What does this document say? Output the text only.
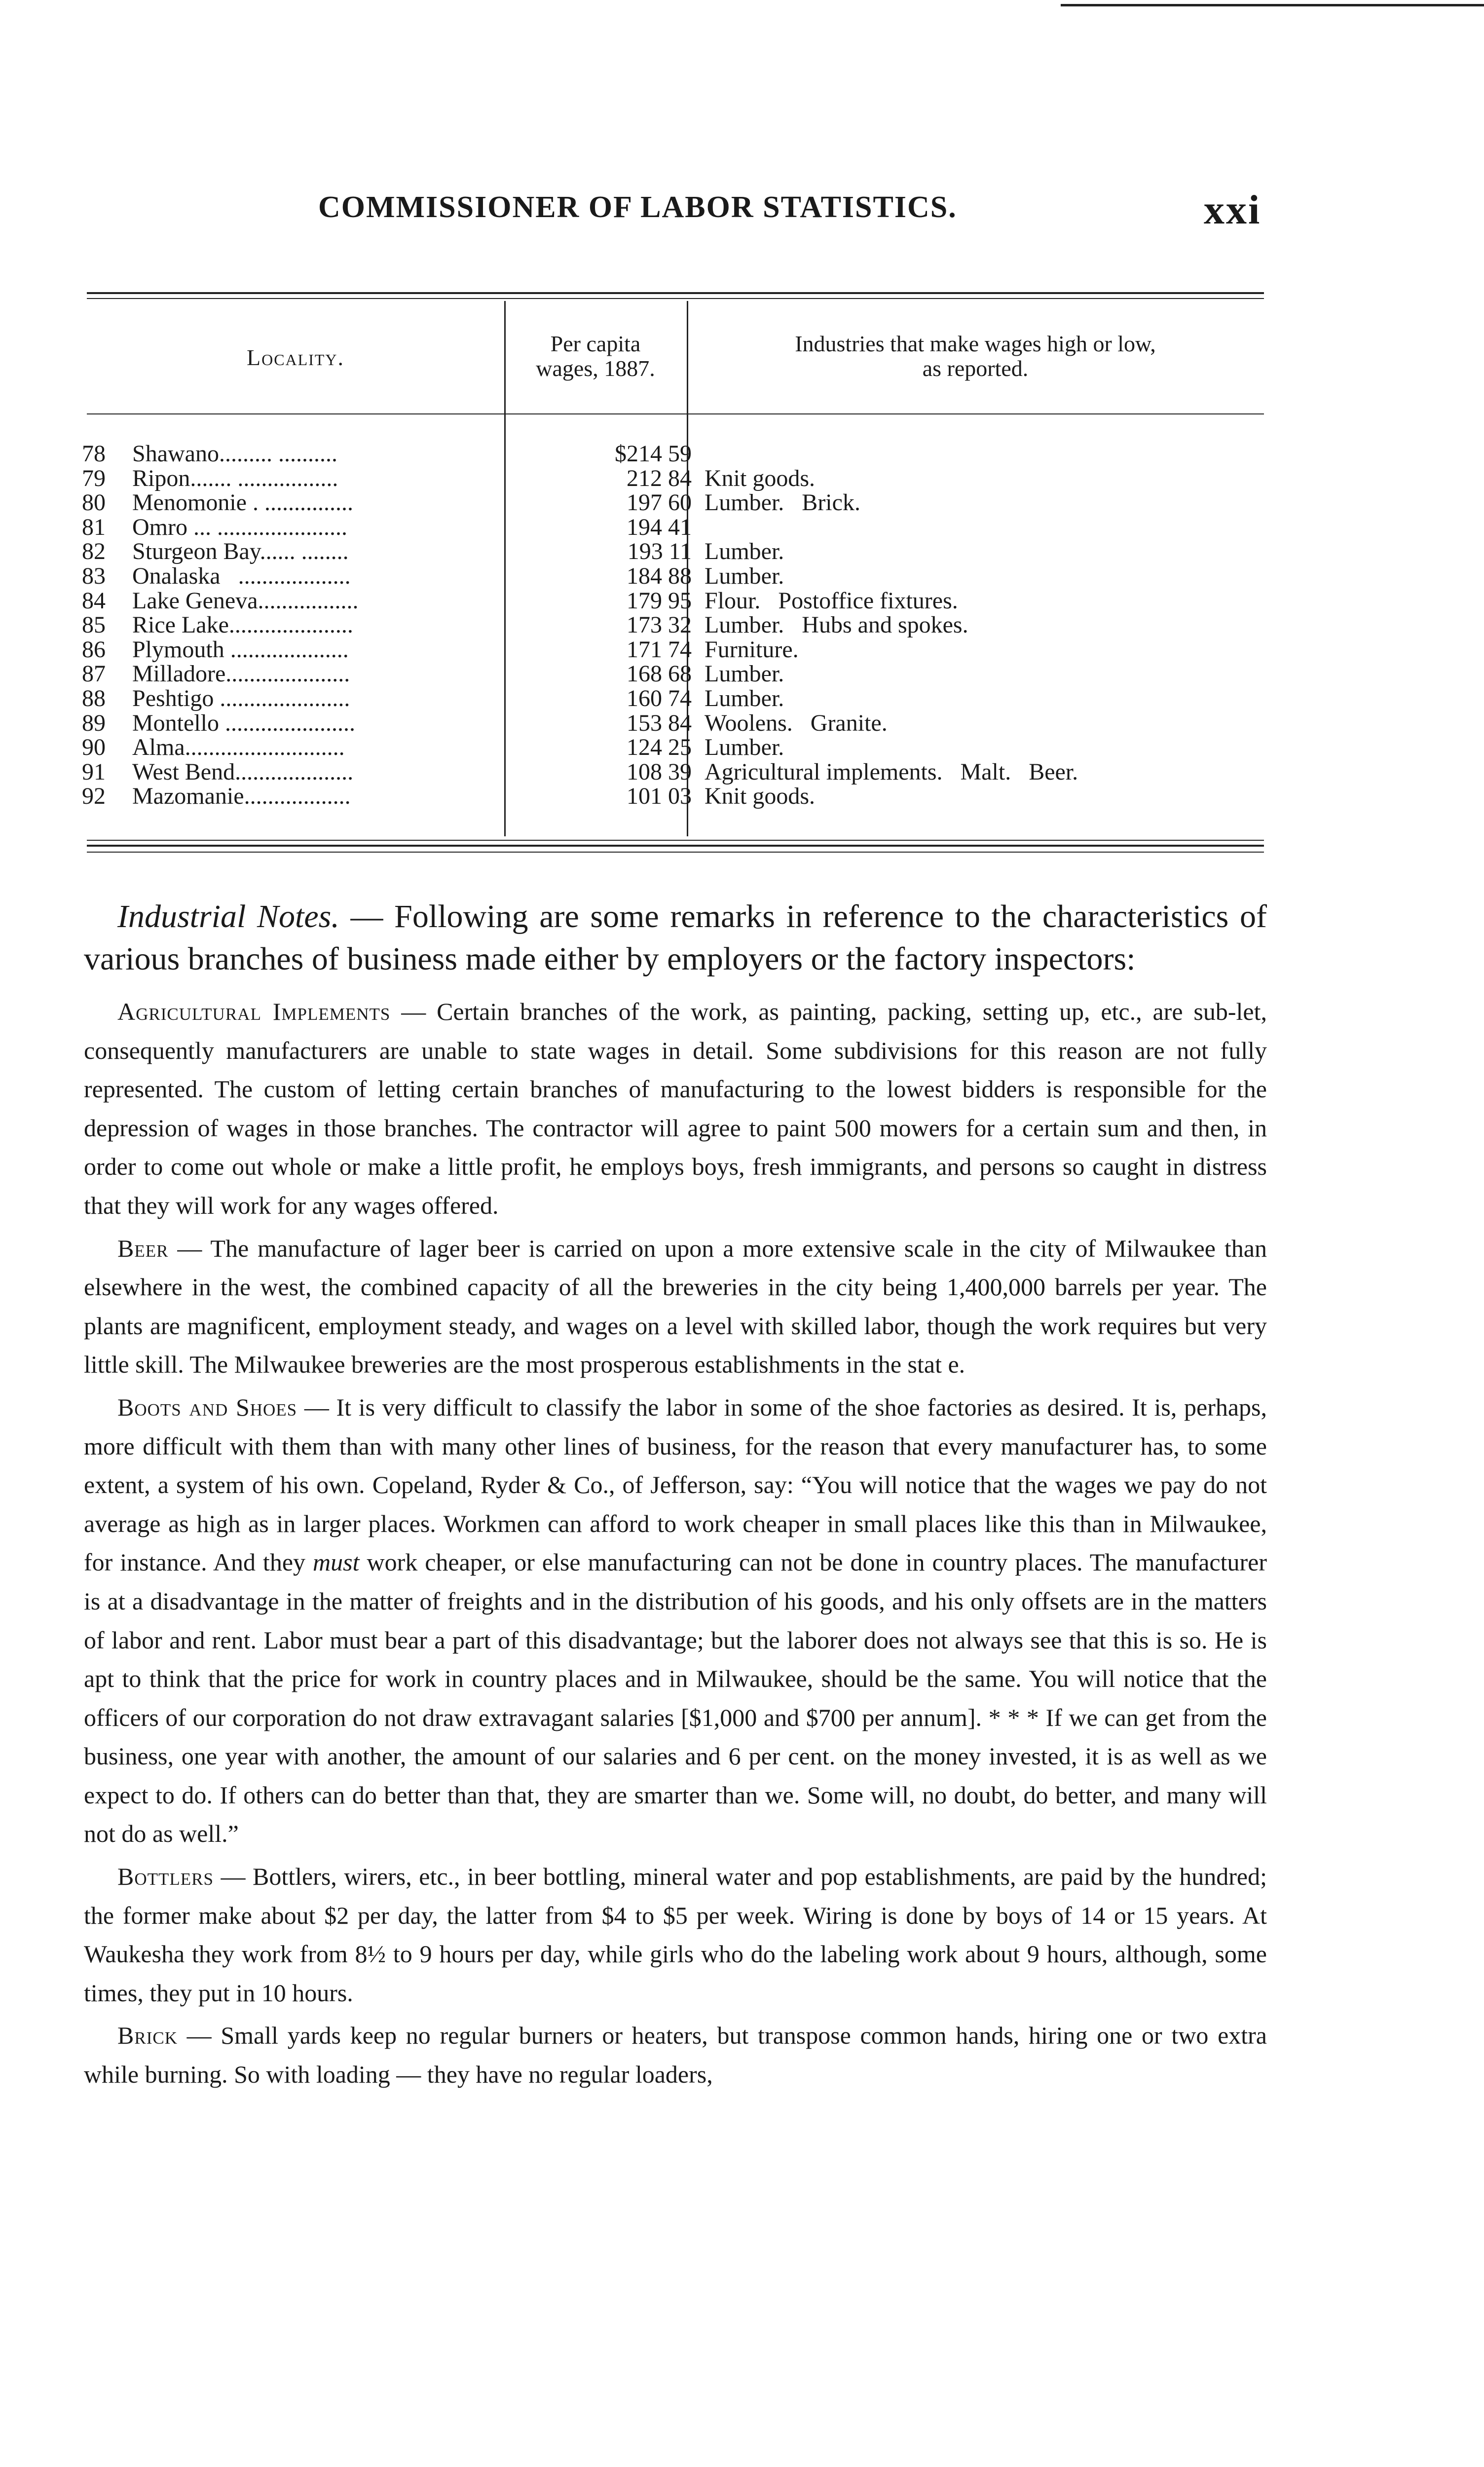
COMMISSIONER OF LABOR STATISTICS.	xxi
Locality.
Per capita
wages, 1887.
Industries that make wages high or low,
as reported.
78 Shawano......... ..........	$214 59
79 Ripon....... .................	212 84 Knit goods.
80 Menomonie . ...............	197 60 Lumber.   Brick.
81 Omro ... ......................	194 41
82 Sturgeon Bay...... ........	193 11 Lumber.
83 Onalaska   ...................	184 88 Lumber.
84 Lake Geneva.................	179 95 Flour.   Postoffice fixtures.
85 Rice Lake.....................	173 32 Lumber.   Hubs and spokes.
86 Plymouth ....................	171 74 Furniture.
87 Milladore.....................	168 68 Lumber.
88 Peshtigo ......................	160 74 Lumber.
89 Montello ......................	153 84 Woolens.   Granite.
90 Alma...........................	124 25 Lumber.
91 West Bend....................	108 39 Agricultural implements.   Malt.   Beer.
92 Mazomanie..................	101 03 Knit goods.

Industrial Notes. — Following are some remarks in reference to the characteristics of various branches of business made either by employers or the factory inspectors:

Agricultural Implements — Certain branches of the work, as painting, packing, setting up, etc., are sub-let, consequently manufacturers are unable to state wages in detail. Some subdivisions for this reason are not fully represented. The custom of letting certain branches of manufacturing to the lowest bidders is responsible for the depression of wages in those branches. The contractor will agree to paint 500 mowers for a certain sum and then, in order to come out whole or make a little profit, he employs boys, fresh immigrants, and persons so caught in distress that they will work for any wages offered.

Beer — The manufacture of lager beer is carried on upon a more extensive scale in the city of Milwaukee than elsewhere in the west, the combined capacity of all the breweries in the city being 1,400,000 barrels per year. The plants are magnificent, employment steady, and wages on a level with skilled labor, though the work requires but very little skill. The Milwaukee breweries are the most prosperous establishments in the stat e.

Boots and Shoes — It is very difficult to classify the labor in some of the shoe factories as desired. It is, perhaps, more difficult with them than with many other lines of business, for the reason that every manufacturer has, to some extent, a system of his own. Copeland, Ryder & Co., of Jefferson, say: “You will notice that the wages we pay do not average as high as in larger places. Workmen can afford to work cheaper in small places like this than in Milwaukee, for instance. And they must work cheaper, or else manufacturing can not be done in country places. The manufacturer is at a disadvantage in the matter of freights and in the distribution of his goods, and his only offsets are in the matters of labor and rent. Labor must bear a part of this disadvantage; but the laborer does not always see that this is so. He is apt to think that the price for work in country places and in Milwaukee, should be the same. You will notice that the officers of our corporation do not draw extravagant salaries [$1,000 and $700 per annum]. * * * If we can get from the business, one year with another, the amount of our salaries and 6 per cent. on the money invested, it is as well as we expect to do. If others can do better than that, they are smarter than we. Some will, no doubt, do better, and many will not do as well.”

Bottlers — Bottlers, wirers, etc., in beer bottling, mineral water and pop establishments, are paid by the hundred; the former make about $2 per day, the latter from $4 to $5 per week. Wiring is done by boys of 14 or 15 years. At Waukesha they work from 8½ to 9 hours per day, while girls who do the labeling work about 9 hours, although, some times, they put in 10 hours.

Brick — Small yards keep no regular burners or heaters, but transpose common hands, hiring one or two extra while burning. So with loading — they have no regular loaders,
